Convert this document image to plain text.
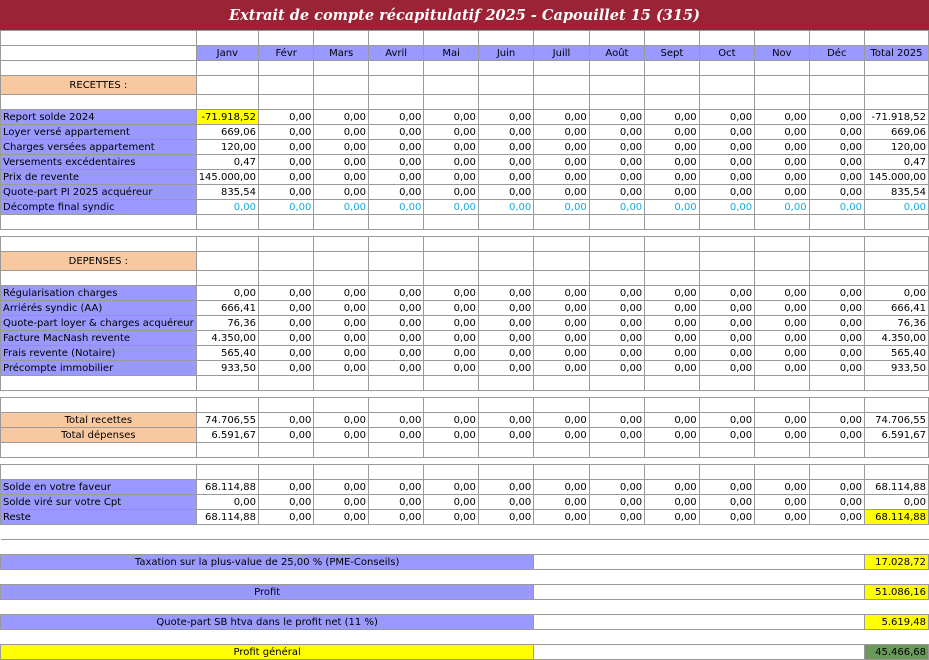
Extrait de compte récapitulatif 2025 - Capouillet 15 (315)

	Janv	Févr	Mars	Avril	Mai	Juin	Juill	Août	Sept	Oct	Nov	Déc	Total 2025

RECETTES :													

Report solde 2024	-71.918,52	0,00	0,00	0,00	0,00	0,00	0,00	0,00	0,00	0,00	0,00	0,00	-71.918,52
Loyer versé appartement	669,06	0,00	0,00	0,00	0,00	0,00	0,00	0,00	0,00	0,00	0,00	0,00	669,06
Charges versées appartement	120,00	0,00	0,00	0,00	0,00	0,00	0,00	0,00	0,00	0,00	0,00	0,00	120,00
Versements excédentaires	0,47	0,00	0,00	0,00	0,00	0,00	0,00	0,00	0,00	0,00	0,00	0,00	0,47
Prix de revente	145.000,00	0,00	0,00	0,00	0,00	0,00	0,00	0,00	0,00	0,00	0,00	0,00	145.000,00
Quote-part PI 2025 acquéreur	835,54	0,00	0,00	0,00	0,00	0,00	0,00	0,00	0,00	0,00	0,00	0,00	835,54
Décompte final syndic	0,00	0,00	0,00	0,00	0,00	0,00	0,00	0,00	0,00	0,00	0,00	0,00	0,00

DEPENSES :													

Régularisation charges	0,00	0,00	0,00	0,00	0,00	0,00	0,00	0,00	0,00	0,00	0,00	0,00	0,00
Arriérés syndic (AA)	666,41	0,00	0,00	0,00	0,00	0,00	0,00	0,00	0,00	0,00	0,00	0,00	666,41
Quote-part loyer & charges acquéreur	76,36	0,00	0,00	0,00	0,00	0,00	0,00	0,00	0,00	0,00	0,00	0,00	76,36
Facture MacNash revente	4.350,00	0,00	0,00	0,00	0,00	0,00	0,00	0,00	0,00	0,00	0,00	0,00	4.350,00
Frais revente (Notaire)	565,40	0,00	0,00	0,00	0,00	0,00	0,00	0,00	0,00	0,00	0,00	0,00	565,40
Précompte immobilier	933,50	0,00	0,00	0,00	0,00	0,00	0,00	0,00	0,00	0,00	0,00	0,00	933,50

Total recettes	74.706,55	0,00	0,00	0,00	0,00	0,00	0,00	0,00	0,00	0,00	0,00	0,00	74.706,55
Total dépenses	6.591,67	0,00	0,00	0,00	0,00	0,00	0,00	0,00	0,00	0,00	0,00	0,00	6.591,67

Solde en votre faveur	68.114,88	0,00	0,00	0,00	0,00	0,00	0,00	0,00	0,00	0,00	0,00	0,00	68.114,88
Solde viré sur votre Cpt	0,00	0,00	0,00	0,00	0,00	0,00	0,00	0,00	0,00	0,00	0,00	0,00	0,00
Reste	68.114,88	0,00	0,00	0,00	0,00	0,00	0,00	0,00	0,00	0,00	0,00	0,00	68.114,88

Taxation sur la plus-value de 25,00 % (PME-Conseils)													17.028,72

Profit													51.086,16

Quote-part SB htva dans le profit net (11 %)													5.619,48

Profit général													45.466,68
